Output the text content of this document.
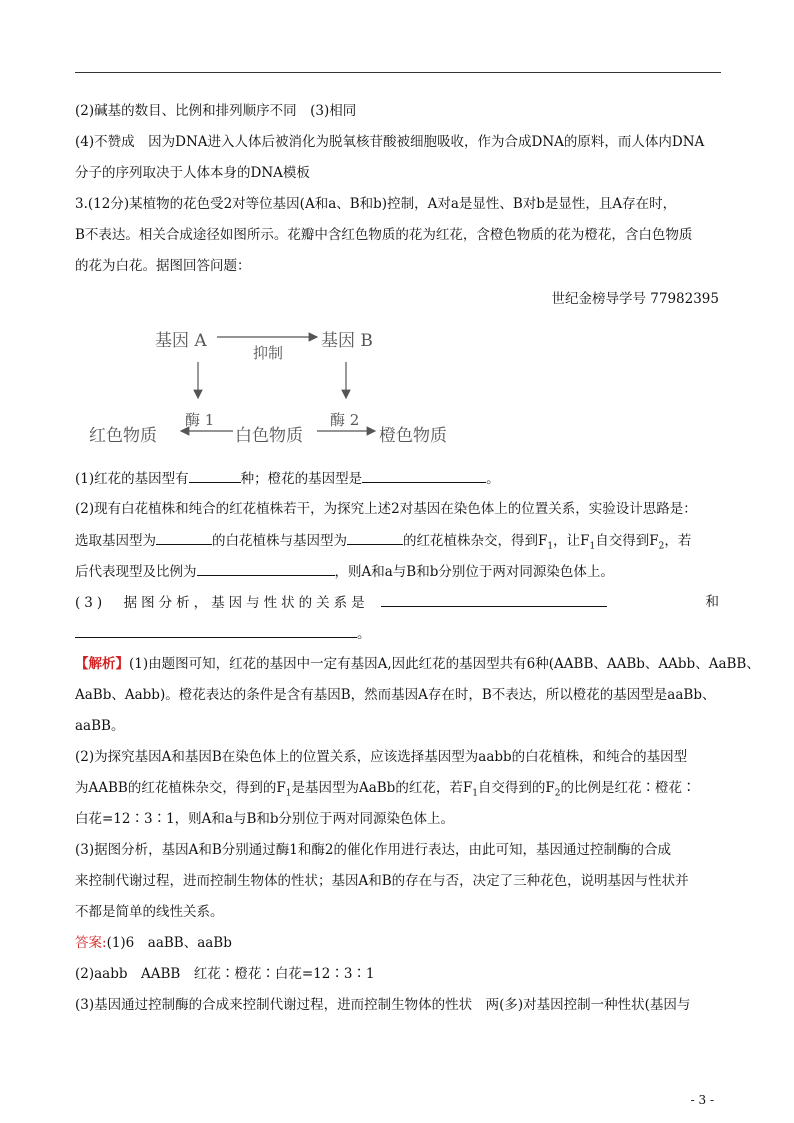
(2)碱基的数目、比例和排列顺序不同　(3)相同
(4)不赞成　因为DNA进入人体后被消化为脱氧核苷酸被细胞吸收，作为合成DNA的原料，而人体内DNA
分子的序列取决于人体本身的DNA模板
3.(12分)某植物的花色受2对等位基因(A和a、B和b)控制，A对a是显性、B对b是显性，且A存在时，
B不表达。相关合成途径如图所示。花瓣中含红色物质的花为红花，含橙色物质的花为橙花，含白色物质
的花为白花。据图回答问题：
世纪金榜导学号 77982395
基因 A
抑制
基因 B
酶 1	酶 2
红色物质	白色物质	橙色物质
(1)红花的基因型有	种；橙花的基因型是	。
(2)现有白花植株和纯合的红花植株若干，为探究上述2对基因在染色体上的位置关系，实验设计思路是：
选取基因型为	的白花植株与基因型为	的红花植株杂交，得到$F_1$，让$F_1$自交得到$F_2$，若
后代表现型及比例为	，则A和a与B和b分别位于两对同源染色体上。
(3)　据图分析，基因与性状的关系是	和
。
【解析】(1)由题图可知，红花的基因中一定有基因A,因此红花的基因型共有6种(AABB、AABb、AAbb、AaBB、
AaBb、Aabb)。橙花表达的条件是含有基因B，然而基因A存在时，B不表达，所以橙花的基因型是aaBb、
aaBB。
(2)为探究基因A和基因B在染色体上的位置关系，应该选择基因型为aabb的白花植株，和纯合的基因型
为AABB的红花植株杂交，得到的$F_1$是基因型为AaBb的红花，若$F_1$自交得到的$F_2$的比例是红花∶橙花∶
白花=12∶3∶1，则A和a与B和b分别位于两对同源染色体上。
(3)据图分析，基因A和B分别通过酶1和酶2的催化作用进行表达，由此可知，基因通过控制酶的合成
来控制代谢过程，进而控制生物体的性状；基因A和B的存在与否，决定了三种花色，说明基因与性状并
不都是简单的线性关系。
答案:(1)6　aaBB、aaBb
(2)aabb　AABB　红花∶橙花∶白花=12∶3∶1
(3)基因通过控制酶的合成来控制代谢过程，进而控制生物体的性状　两(多)对基因控制一种性状(基因与
- 3 -
